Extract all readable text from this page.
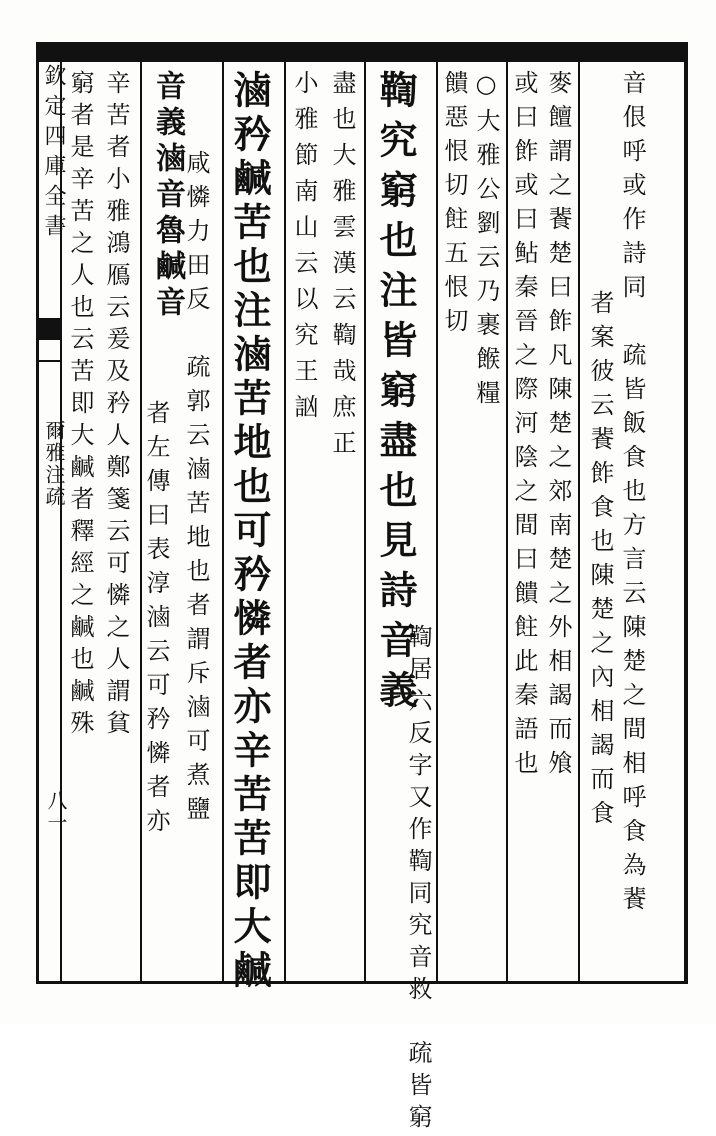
欽定四庫全書
爾雅注疏
八一	音佷呼或作詩同　疏皆飯食也方言云陳楚之間相呼食為餥
者案彼云餥飵食也陳楚之內相謁而食
麥饘謂之餥楚曰飵凡陳楚之郊南楚之外相謁而飧
或曰飵或曰鲇秦晉之際河陰之間曰饋飳此秦語也
○大雅公劉云乃裹餱糧
饋惡恨切飳五恨切
鞫究窮也注皆窮盡也見詩音義
鞫居六反字又作鞫同究音救　疏皆窮
盡也大雅雲漢云鞫哉庶正
小雅節南山云以究王訩
滷矜鹹苦也注滷苦地也可矜憐者亦辛苦苦即大鹹
音義滷音魯鹹音
咸憐力田反　疏郭云滷苦地也者謂斥滷可煮鹽
者左傳曰表淳滷云可矜憐者亦
辛苦者小雅鴻鴈云爰及矜人鄭箋云可憐之人謂貧
窮者是辛苦之人也云苦即大鹹者釋經之鹹也鹹殊
